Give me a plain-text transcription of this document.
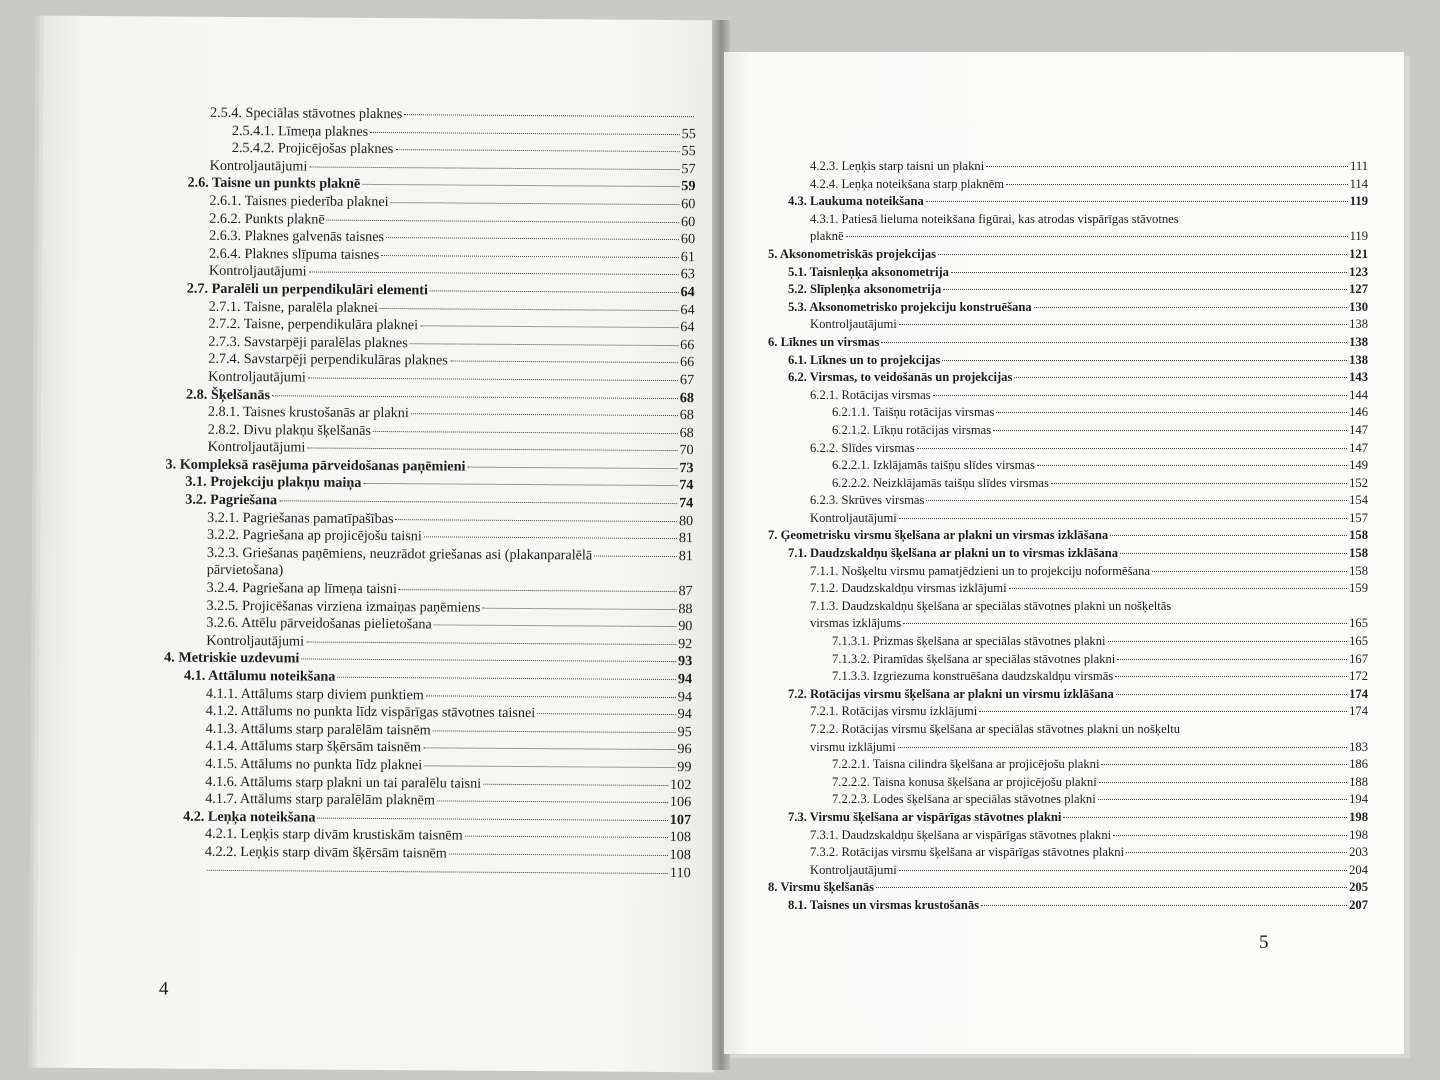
2.5.4. Speciālas stāvotnes plaknes
2.5.4.1. Līmeņa plaknes	55
2.5.4.2. Projicējošas plaknes	55
Kontroljautājumi	57
2.6. Taisne un punkts plaknē	59
2.6.1. Taisnes piederība plaknei	60
2.6.2. Punkts plaknē	60
2.6.3. Plaknes galvenās taisnes	60
2.6.4. Plaknes slīpuma taisnes	61
Kontroljautājumi	63
2.7. Paralēli un perpendikulāri elementi	64
2.7.1. Taisne, paralēla plaknei	64
2.7.2. Taisne, perpendikulāra plaknei	64
2.7.3. Savstarpēji paralēlas plaknes	66
2.7.4. Savstarpēji perpendikulāras plaknes	66
Kontroljautājumi	67
2.8. Šķelšanās	68
2.8.1. Taisnes krustošanās ar plakni	68
2.8.2. Divu plakņu šķelšanās	68
Kontroljautājumi	70
3. Kompleksā rasējuma pārveidošanas paņēmieni	73
3.1. Projekciju plakņu maiņa	74
3.2. Pagriešana	74
3.2.1. Pagriešanas pamatīpašības	80
3.2.2. Pagriešana ap projicējošu taisni	81
3.2.3. Griešanas paņēmiens, neuzrādot griešanas asi (plakanparalēlā	81
pārvietošana)
3.2.4. Pagriešana ap līmeņa taisni	87
3.2.5. Projicēšanas virziena izmaiņas paņēmiens	88
3.2.6. Attēlu pārveidošanas pielietošana	90
Kontroljautājumi	92
4. Metriskie uzdevumi	93
4.1. Attālumu noteikšana	94
4.1.1. Attālums starp diviem punktiem	94
4.1.2. Attālums no punkta līdz vispārīgas stāvotnes taisnei	94
4.1.3. Attālums starp paralēlām taisnēm	95
4.1.4. Attālums starp šķērsām taisnēm	96
4.1.5. Attālums no punkta līdz plaknei	99
4.1.6. Attālums starp plakni un tai paralēlu taisni	102
4.1.7. Attālums starp paralēlām plaknēm	106
4.2. Leņķa noteikšana	107
4.2.1. Leņķis starp divām krustiskām taisnēm	108
4.2.2. Leņķis starp divām šķērsām taisnēm	108
110
4
4.2.3. Leņķis starp taisni un plakni	111
4.2.4. Leņķa noteikšana starp plaknēm	114
4.3. Laukuma noteikšana	119
4.3.1. Patiesā lieluma noteikšana figūrai, kas atrodas vispārīgas stāvotnes
plaknē	119
5. Aksonometriskās projekcijas	121
5.1. Taisnleņķa aksonometrija	123
5.2. Slīpleņķa aksonometrija	127
5.3. Aksonometrisko projekciju konstruēšana	130
Kontroljautājumi	138
6. Līknes un virsmas	138
6.1. Līknes un to projekcijas	138
6.2. Virsmas, to veidošanās un projekcijas	143
6.2.1. Rotācijas virsmas	144
6.2.1.1. Taišņu rotācijas virsmas	146
6.2.1.2. Līkņu rotācijas virsmas	147
6.2.2. Slīdes virsmas	147
6.2.2.1. Izklājamās taišņu slīdes virsmas	149
6.2.2.2. Neizklājamās taišņu slīdes virsmas	152
6.2.3. Skrūves virsmas	154
Kontroljautājumi	157
7. Ģeometrisku virsmu šķelšana ar plakni un virsmas izklāšana	158
7.1. Daudzskaldņu šķelšana ar plakni un to virsmas izklāšana	158
7.1.1. Nošķeltu virsmu pamatjēdzieni un to projekciju noformēšana	158
7.1.2. Daudzskaldņu virsmas izklājumi	159
7.1.3. Daudzskaldņu šķelšana ar speciālas stāvotnes plakni un nošķeltās
virsmas izklājums	165
7.1.3.1. Prizmas šķelšana ar speciālas stāvotnes plakni	165
7.1.3.2. Piramīdas šķelšana ar speciālas stāvotnes plakni	167
7.1.3.3. Izgriezuma konstruēšana daudzskaldņu virsmās	172
7.2. Rotācijas virsmu šķelšana ar plakni un virsmu izklāšana	174
7.2.1. Rotācijas virsmu izklājumi	174
7.2.2. Rotācijas virsmu šķelšana ar speciālas stāvotnes plakni un nošķeltu
virsmu izklājumi	183
7.2.2.1. Taisna cilindra šķelšana ar projicējošu plakni	186
7.2.2.2. Taisna konusa šķelšana ar projicējošu plakni	188
7.2.2.3. Lodes šķelšana ar speciālas stāvotnes plakni	194
7.3. Virsmu šķelšana ar vispārīgas stāvotnes plakni	198
7.3.1. Daudzskaldņu šķelšana ar vispārīgas stāvotnes plakni	198
7.3.2. Rotācijas virsmu šķelšana ar vispārīgas stāvotnes plakni	203
Kontroljautājumi	204
8. Virsmu šķelšanās	205
8.1. Taisnes un virsmas krustošanās	207
5
